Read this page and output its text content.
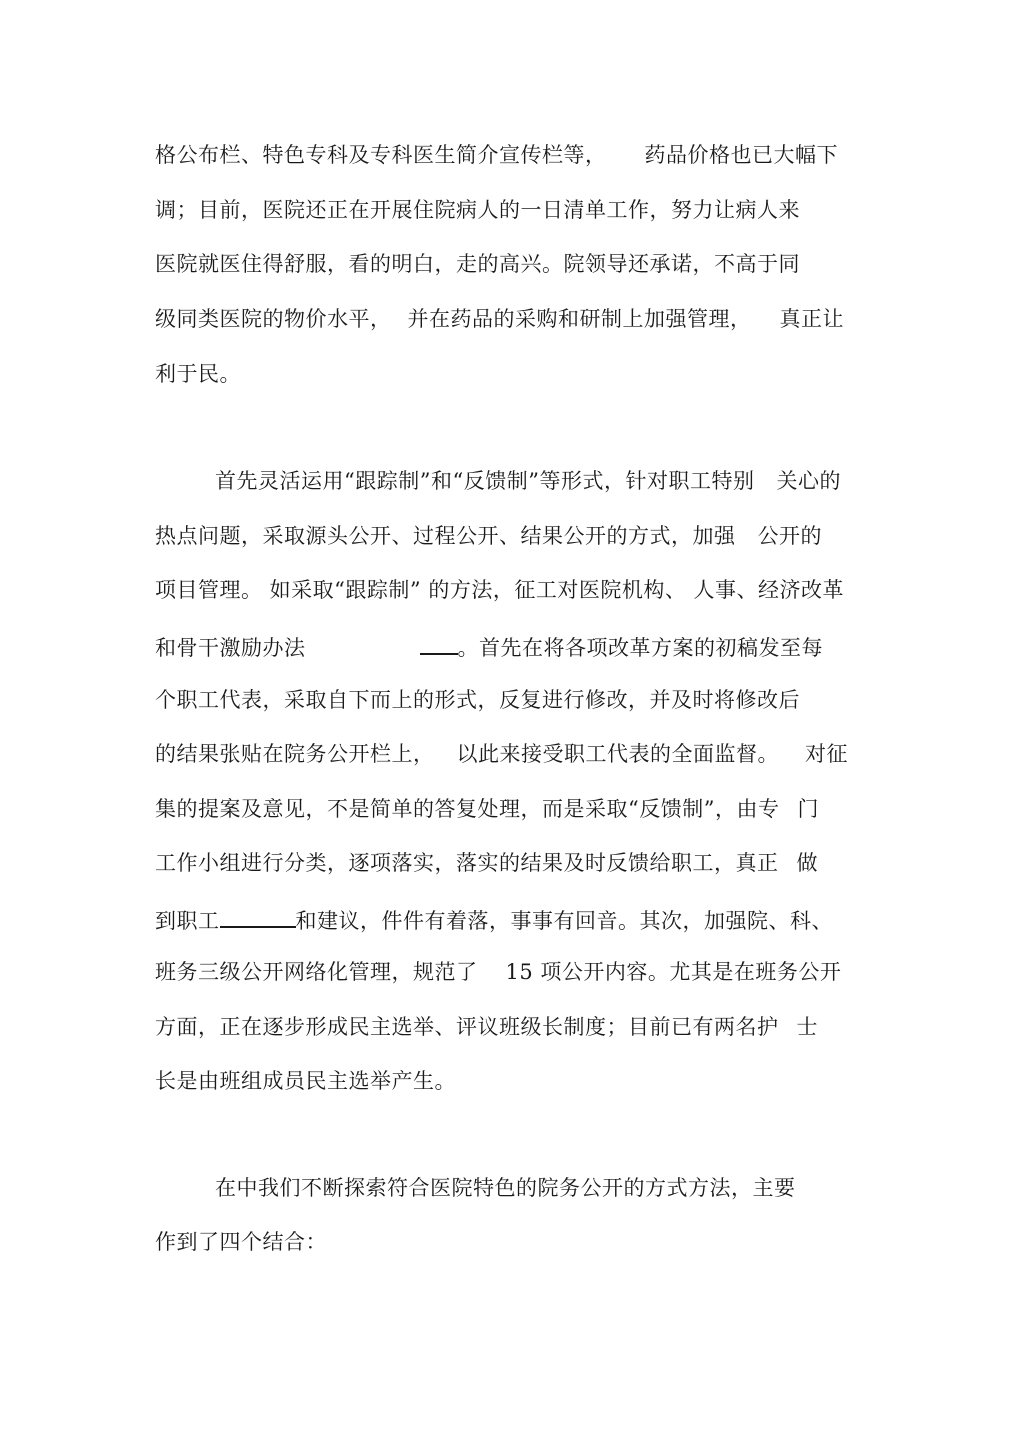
格公布栏、特色专科及专科医生简介宣传栏等， 药品价格也已大幅下
调；目前，医院还正在开展住院病人的一日清单工作，努力让病人来
医院就医住得舒服，看的明白，走的高兴。院领导还承诺，不高于同
级同类医院的物价水平， 并在药品的采购和研制上加强管理， 真正让
利于民。
首先灵活运用“跟踪制”和“反馈制”等形式，针对职工特别 关心的
热点问题，采取源头公开、过程公开、结果公开的方式，加强 公开的
项目管理。 如采取“跟踪制” 的方法，征工对医院机构、 人事、经济改革
和骨干激励办法	。首先在将各项改革方案的初稿发至每
个职工代表，采取自下而上的形式，反复进行修改，并及时将修改后
的结果张贴在院务公开栏上， 以此来接受职工代表的全面监督。 对征
集的提案及意见，不是简单的答复处理，而是采取“反馈制”，由专 门
工作小组进行分类，逐项落实，落实的结果及时反馈给职工，真正 做
到职工	和建议，件件有着落，事事有回音。其次，加强院、科、
班务三级公开网络化管理，规范了 15 项公开内容。尤其是在班务公开
方面，正在逐步形成民主选举、评议班级长制度；目前已有两名护 士
长是由班组成员民主选举产生。
在中我们不断探索符合医院特色的院务公开的方式方法，主要
作到了四个结合：
